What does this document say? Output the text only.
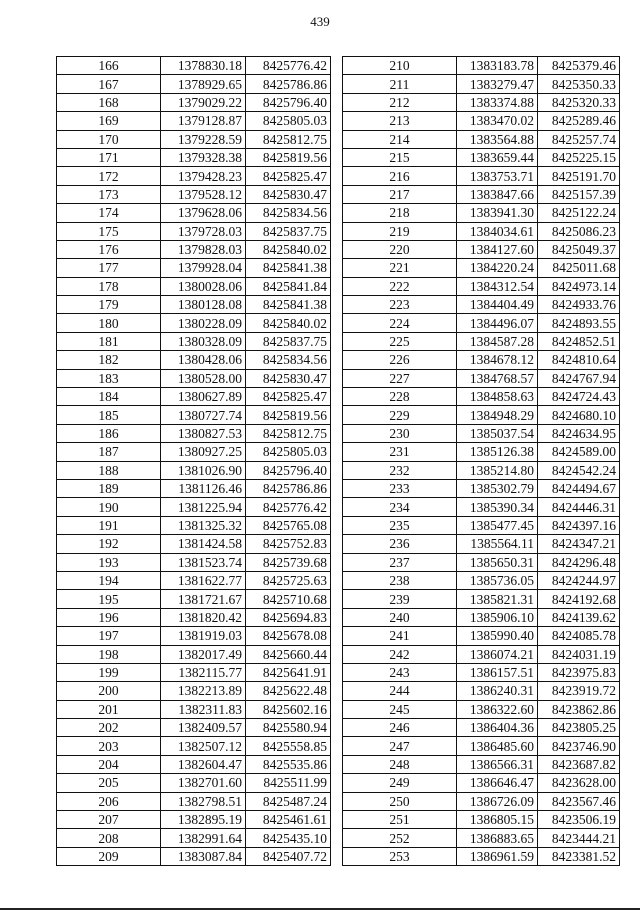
439
166	1378830.18	8425776.42
167	1378929.65	8425786.86
168	1379029.22	8425796.40
169	1379128.87	8425805.03
170	1379228.59	8425812.75
171	1379328.38	8425819.56
172	1379428.23	8425825.47
173	1379528.12	8425830.47
174	1379628.06	8425834.56
175	1379728.03	8425837.75
176	1379828.03	8425840.02
177	1379928.04	8425841.38
178	1380028.06	8425841.84
179	1380128.08	8425841.38
180	1380228.09	8425840.02
181	1380328.09	8425837.75
182	1380428.06	8425834.56
183	1380528.00	8425830.47
184	1380627.89	8425825.47
185	1380727.74	8425819.56
186	1380827.53	8425812.75
187	1380927.25	8425805.03
188	1381026.90	8425796.40
189	1381126.46	8425786.86
190	1381225.94	8425776.42
191	1381325.32	8425765.08
192	1381424.58	8425752.83
193	1381523.74	8425739.68
194	1381622.77	8425725.63
195	1381721.67	8425710.68
196	1381820.42	8425694.83
197	1381919.03	8425678.08
198	1382017.49	8425660.44
199	1382115.77	8425641.91
200	1382213.89	8425622.48
201	1382311.83	8425602.16
202	1382409.57	8425580.94
203	1382507.12	8425558.85
204	1382604.47	8425535.86
205	1382701.60	8425511.99
206	1382798.51	8425487.24
207	1382895.19	8425461.61
208	1382991.64	8425435.10
209	1383087.84	8425407.72
210	1383183.78	8425379.46
211	1383279.47	8425350.33
212	1383374.88	8425320.33
213	1383470.02	8425289.46
214	1383564.88	8425257.74
215	1383659.44	8425225.15
216	1383753.71	8425191.70
217	1383847.66	8425157.39
218	1383941.30	8425122.24
219	1384034.61	8425086.23
220	1384127.60	8425049.37
221	1384220.24	8425011.68
222	1384312.54	8424973.14
223	1384404.49	8424933.76
224	1384496.07	8424893.55
225	1384587.28	8424852.51
226	1384678.12	8424810.64
227	1384768.57	8424767.94
228	1384858.63	8424724.43
229	1384948.29	8424680.10
230	1385037.54	8424634.95
231	1385126.38	8424589.00
232	1385214.80	8424542.24
233	1385302.79	8424494.67
234	1385390.34	8424446.31
235	1385477.45	8424397.16
236	1385564.11	8424347.21
237	1385650.31	8424296.48
238	1385736.05	8424244.97
239	1385821.31	8424192.68
240	1385906.10	8424139.62
241	1385990.40	8424085.78
242	1386074.21	8424031.19
243	1386157.51	8423975.83
244	1386240.31	8423919.72
245	1386322.60	8423862.86
246	1386404.36	8423805.25
247	1386485.60	8423746.90
248	1386566.31	8423687.82
249	1386646.47	8423628.00
250	1386726.09	8423567.46
251	1386805.15	8423506.19
252	1386883.65	8423444.21
253	1386961.59	8423381.52
